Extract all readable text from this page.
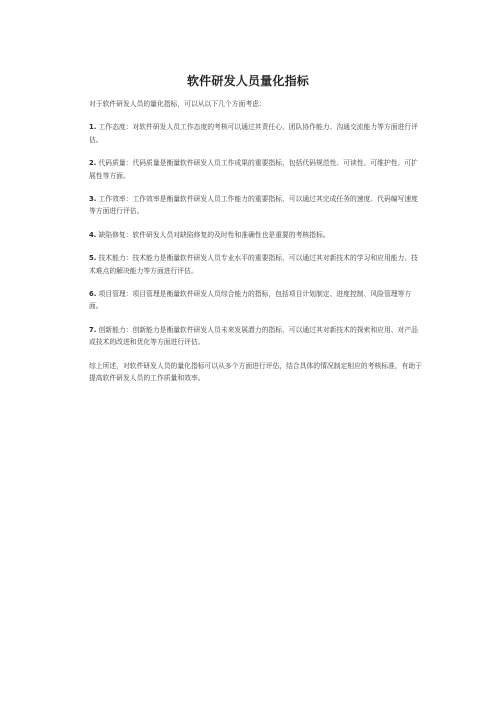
软件研发人员量化指标

对于软件研发人员的量化指标，可以从以下几个方面考虑：

1. 工作态度：对软件研发人员工作态度的考核可以通过其责任心、团队协作能力、沟通交流能力等方面进行评估。

2. 代码质量：代码质量是衡量软件研发人员工作成果的重要指标，包括代码规范性、可读性、可维护性、可扩展性等方面。

3. 工作效率：工作效率是衡量软件研发人员工作能力的重要指标，可以通过其完成任务的速度、代码编写速度等方面进行评估。

4. 缺陷修复：软件研发人员对缺陷修复的及时性和准确性也是重要的考核指标。

5. 技术能力：技术能力是衡量软件研发人员专业水平的重要指标，可以通过其对新技术的学习和应用能力、技术难点的解决能力等方面进行评估。

6. 项目管理：项目管理是衡量软件研发人员综合能力的指标，包括项目计划制定、进度控制、风险管理等方面。

7. 创新能力：创新能力是衡量软件研发人员未来发展潜力的指标，可以通过其对新技术的探索和应用、对产品或技术的改进和优化等方面进行评估。

综上所述，对软件研发人员的量化指标可以从多个方面进行评估，结合具体的情况制定相应的考核标准，有助于提高软件研发人员的工作质量和效率。
